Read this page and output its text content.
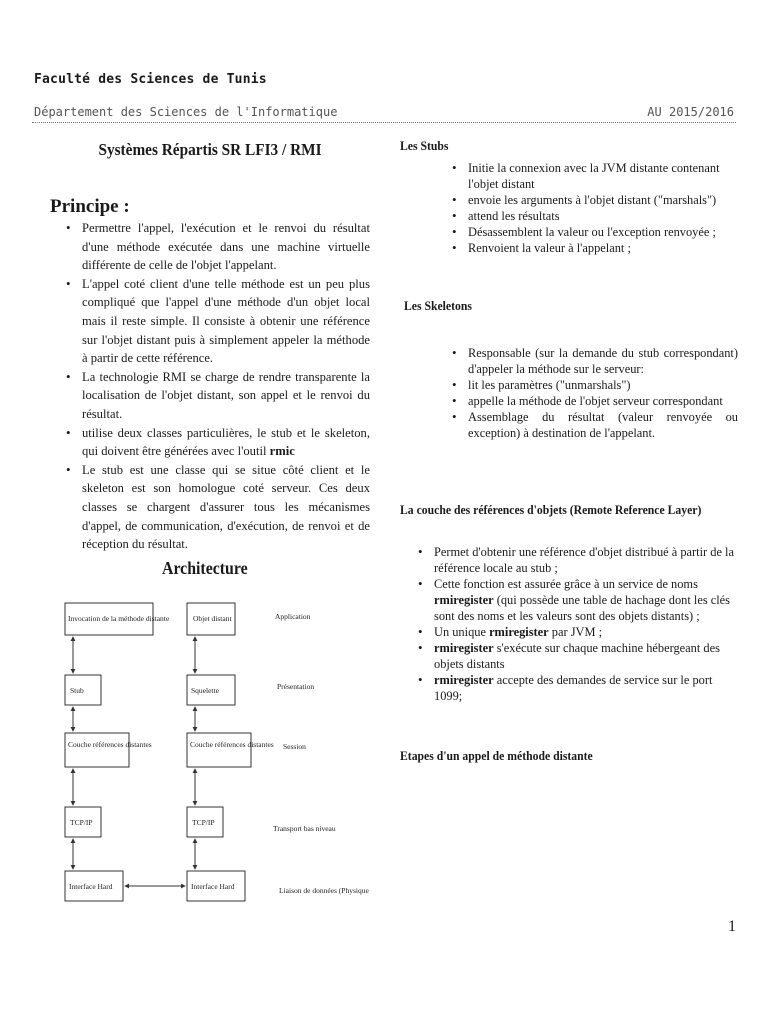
Faculté des Sciences de Tunis
Département des Sciences de l'Informatique	AU 2015/2016
Systèmes Répartis SR LFI3 / RMI
Principe :
• Permettre l'appel, l'exécution et le renvoi du résultat d'une méthode exécutée dans une machine virtuelle différente de celle de l'objet l'appelant.
• L'appel coté client d'une telle méthode est un peu plus compliqué que l'appel d'une méthode d'un objet local mais il reste simple. Il consiste à obtenir une référence sur l'objet distant puis à simplement appeler la méthode à partir de cette référence.
• La technologie RMI se charge de rendre transparente la localisation de l'objet distant, son appel et le renvoi du résultat.
• utilise deux classes particulières, le stub et le skeleton, qui doivent être générées avec l'outil rmic
• Le stub est une classe qui se situe côté client et le skeleton est son homologue coté serveur. Ces deux classes se chargent d'assurer tous les mécanismes d'appel, de communication, d'exécution, de renvoi et de réception du résultat.
Architecture
Invocation de la méthode distante
Stub
Couche références distantes
TCP/IP
Interface Hard
Objet distant
Squelette
Couche références distantes
TCP/IP
Interface Hard
Application
Présentation
Session
Transport bas niveau
Liaison de données (Physique
Les Stubs
• Initie la connexion avec la JVM distante contenant l'objet distant
• envoie les arguments à l'objet distant ("marshals")
• attend les résultats
• Désassemblent la valeur ou l'exception renvoyée ;
• Renvoient la valeur à l'appelant ;
Les Skeletons
• Responsable (sur la demande du stub correspondant) d'appeler la méthode sur le serveur:
• lit les paramètres ("unmarshals")
• appelle la méthode de l'objet serveur correspondant
• Assemblage du résultat (valeur renvoyée ou exception) à destination de l'appelant.
La couche des références d'objets (Remote Reference Layer)
• Permet d'obtenir une référence d'objet distribué à partir de la référence locale au stub ;
• Cette fonction est assurée grâce à un service de noms rmiregister (qui possède une table de hachage dont les clés sont des noms et les valeurs sont des objets distants) ;
• Un unique rmiregister par JVM ;
• rmiregister s'exécute sur chaque machine hébergeant des objets distants
• rmiregister accepte des demandes de service sur le port 1099;
Etapes d'un appel de méthode distante
1
